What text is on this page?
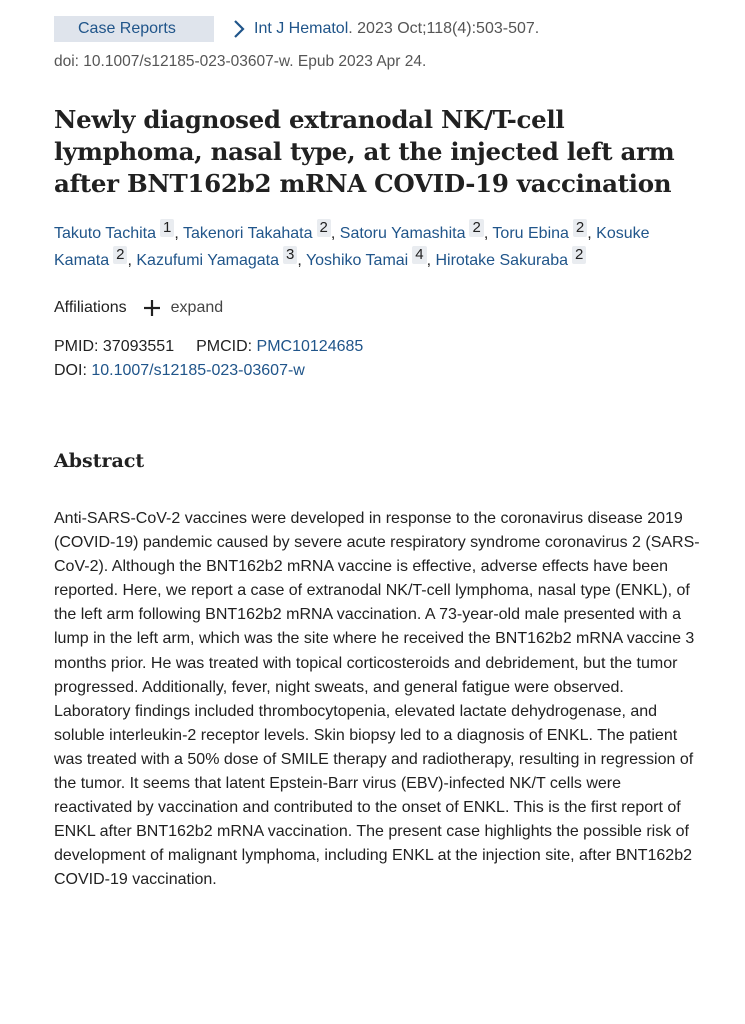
Case Reports	Int J Hematol . 2023 Oct;118(4):503-507.
doi: 10.1007/s12185-023-03607-w. Epub 2023 Apr 24.
Newly diagnosed extranodal NK/T-cell lymphoma, nasal type, at the injected left arm after BNT162b2 mRNA COVID-19 vaccination
Takuto Tachita 1 , Takenori Takahata 2 , Satoru Yamashita 2 , Toru Ebina 2 , Kosuke Kamata 2 , Kazufumi Yamagata 3 , Yoshiko Tamai 4 , Hirotake Sakuraba 2
Affiliations	expand
PMID: 37093551 PMCID: PMC10124685
DOI: 10.1007/s12185-023-03607-w
Abstract

Anti-SARS-CoV-2 vaccines were developed in response to the coronavirus disease 2019 (COVID-19) pandemic caused by severe acute respiratory syndrome coronavirus 2 (SARS-CoV-2). Although the BNT162b2 mRNA vaccine is effective, adverse effects have been reported. Here, we report a case of extranodal NK/T-cell lymphoma, nasal type (ENKL), of the left arm following BNT162b2 mRNA vaccination. A 73-year-old male presented with a lump in the left arm, which was the site where he received the BNT162b2 mRNA vaccine 3 months prior. He was treated with topical corticosteroids and debridement, but the tumor progressed. Additionally, fever, night sweats, and general fatigue were observed. Laboratory findings included thrombocytopenia, elevated lactate dehydrogenase, and soluble interleukin-2 receptor levels. Skin biopsy led to a diagnosis of ENKL. The patient was treated with a 50% dose of SMILE therapy and radiotherapy, resulting in regression of the tumor. It seems that latent Epstein-Barr virus (EBV)-infected NK/T cells were reactivated by vaccination and contributed to the onset of ENKL. This is the first report of ENKL after BNT162b2 mRNA vaccination. The present case highlights the possible risk of development of malignant lymphoma, including ENKL at the injection site, after BNT162b2 COVID-19 vaccination.
